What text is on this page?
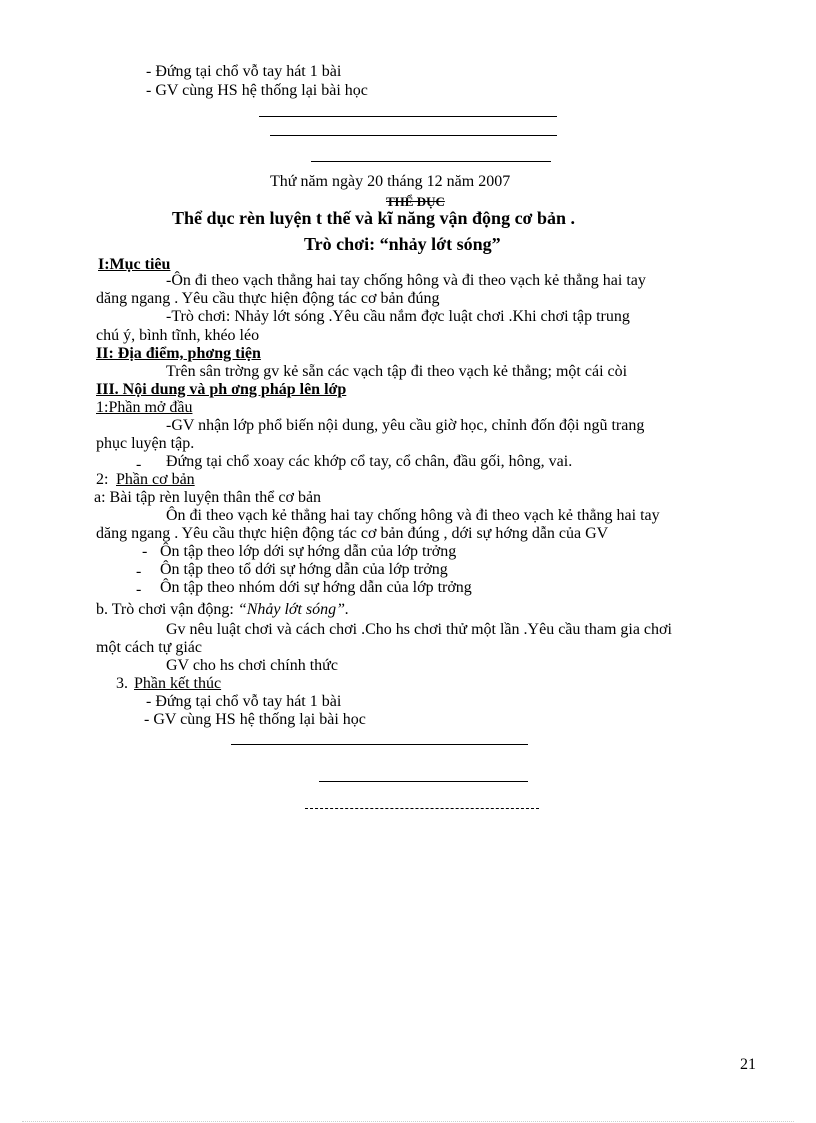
- Đứng tại chổ vỗ tay hát 1 bài
- GV cùng HS hệ thống lại bài học
Thứ năm ngày 20 tháng 12 năm 2007
THỂ DỤC
Thể dục rèn luyện t thế và kĩ năng vận động cơ bản .
Trò chơi: “nhảy lớt sóng”
I:Mục tiêu
-Ôn đi theo vạch thẳng hai tay chống hông và đi theo vạch kẻ thẳng hai tay
dăng ngang . Yêu cầu thực hiện động tác cơ bản đúng
-Trò chơi: Nhảy lớt sóng .Yêu cầu nắm đợc luật chơi .Khi chơi tập trung
chú ý, bình tĩnh, khéo léo
II: Địa điểm, phơng tiện
Trên sân trờng gv kẻ sẵn các vạch tập đi theo vạch kẻ thẳng; một cái còi
III. Nội dung và ph ơng pháp lên lớp
1:Phần mở đầu
-GV nhận lớp phổ biến nội dung, yêu cầu giờ học, chỉnh đốn đội ngũ trang
phục luyện tập.
- Đứng tại chổ xoay các khớp cổ tay, cổ chân, đầu gối, hông, vai.
2: Phần cơ bản
a: Bài tập rèn luyện thân thể cơ bản
Ôn đi theo vạch kẻ thẳng hai tay chống hông và đi theo vạch kẻ thẳng hai tay
dăng ngang . Yêu cầu thực hiện động tác cơ bản đúng , dới sự hớng dẫn của GV
- Ôn tập theo lớp dới sự hớng dẫn của lớp trởng
- Ôn tập theo tổ dới sự hớng dẫn của lớp trởng
- Ôn tập theo nhóm dới sự hớng dẫn của lớp trởng
b. Trò chơi vận động: “Nhảy lớt sóng”.
Gv nêu luật chơi và cách chơi .Cho hs chơi thử một lần .Yêu cầu tham gia chơi
một cách tự giác
GV cho hs chơi chính thức
3. Phần kết thúc
- Đứng tại chổ vỗ tay hát 1 bài
- GV cùng HS hệ thống lại bài học
21
